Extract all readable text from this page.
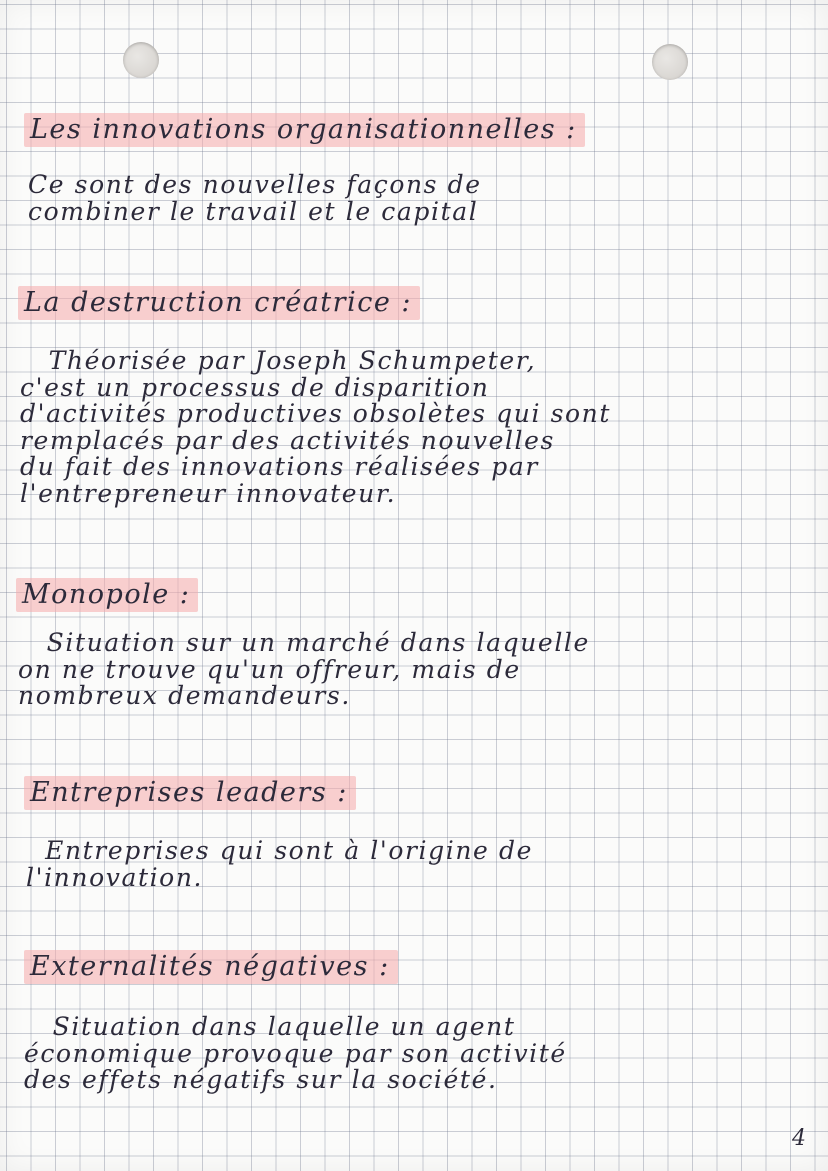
Les innovations organisationnelles :
Ce sont des nouvelles façons de
combiner le travail et le capital
La destruction créatrice :
Théorisée par Joseph Schumpeter,
c'est un processus de disparition
d'activités productives obsolètes qui sont
remplacés par des activités nouvelles
du fait des innovations réalisées par
l'entrepreneur innovateur.
Monopole :
Situation sur un marché dans laquelle
on ne trouve qu'un offreur, mais de
nombreux demandeurs.
Entreprises leaders :
Entreprises qui sont à l'origine de
l'innovation.
Externalités négatives :
Situation dans laquelle un agent
économique provoque par son activité
des effets négatifs sur la société.
4
